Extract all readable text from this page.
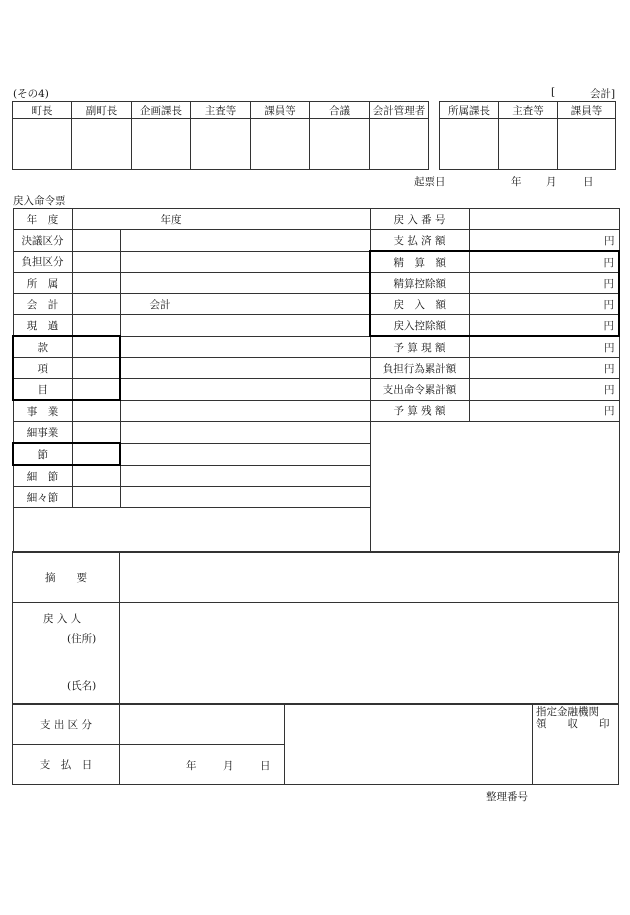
(その4)	[	会計]
町長	副町長	企画課長	主査等	課員等	合議	会計管理者		所属課長	主査等	課員等

起票日	年 月	日
戻入命令票
年　度	年度		戻 入 番 号	
決議区分			支 払 済 額	円
負担区分			精　算　額	円
所　属			精算控除額	円
会　計		会計	戻　入　額	円
現　過			戻入控除額	円
款			予 算 現 額	円
項			負担行為累計額	円
目			支出命令累計額	円
事　業			予 算 残 額	円
細事業				
節				
細　節				
細々節				

摘　　要	

戻 入 人
(住所)
(氏名)	

支 出 区 分			指定金融機関
領　　収　　印

支　払　日	年 月 日		
整理番号
